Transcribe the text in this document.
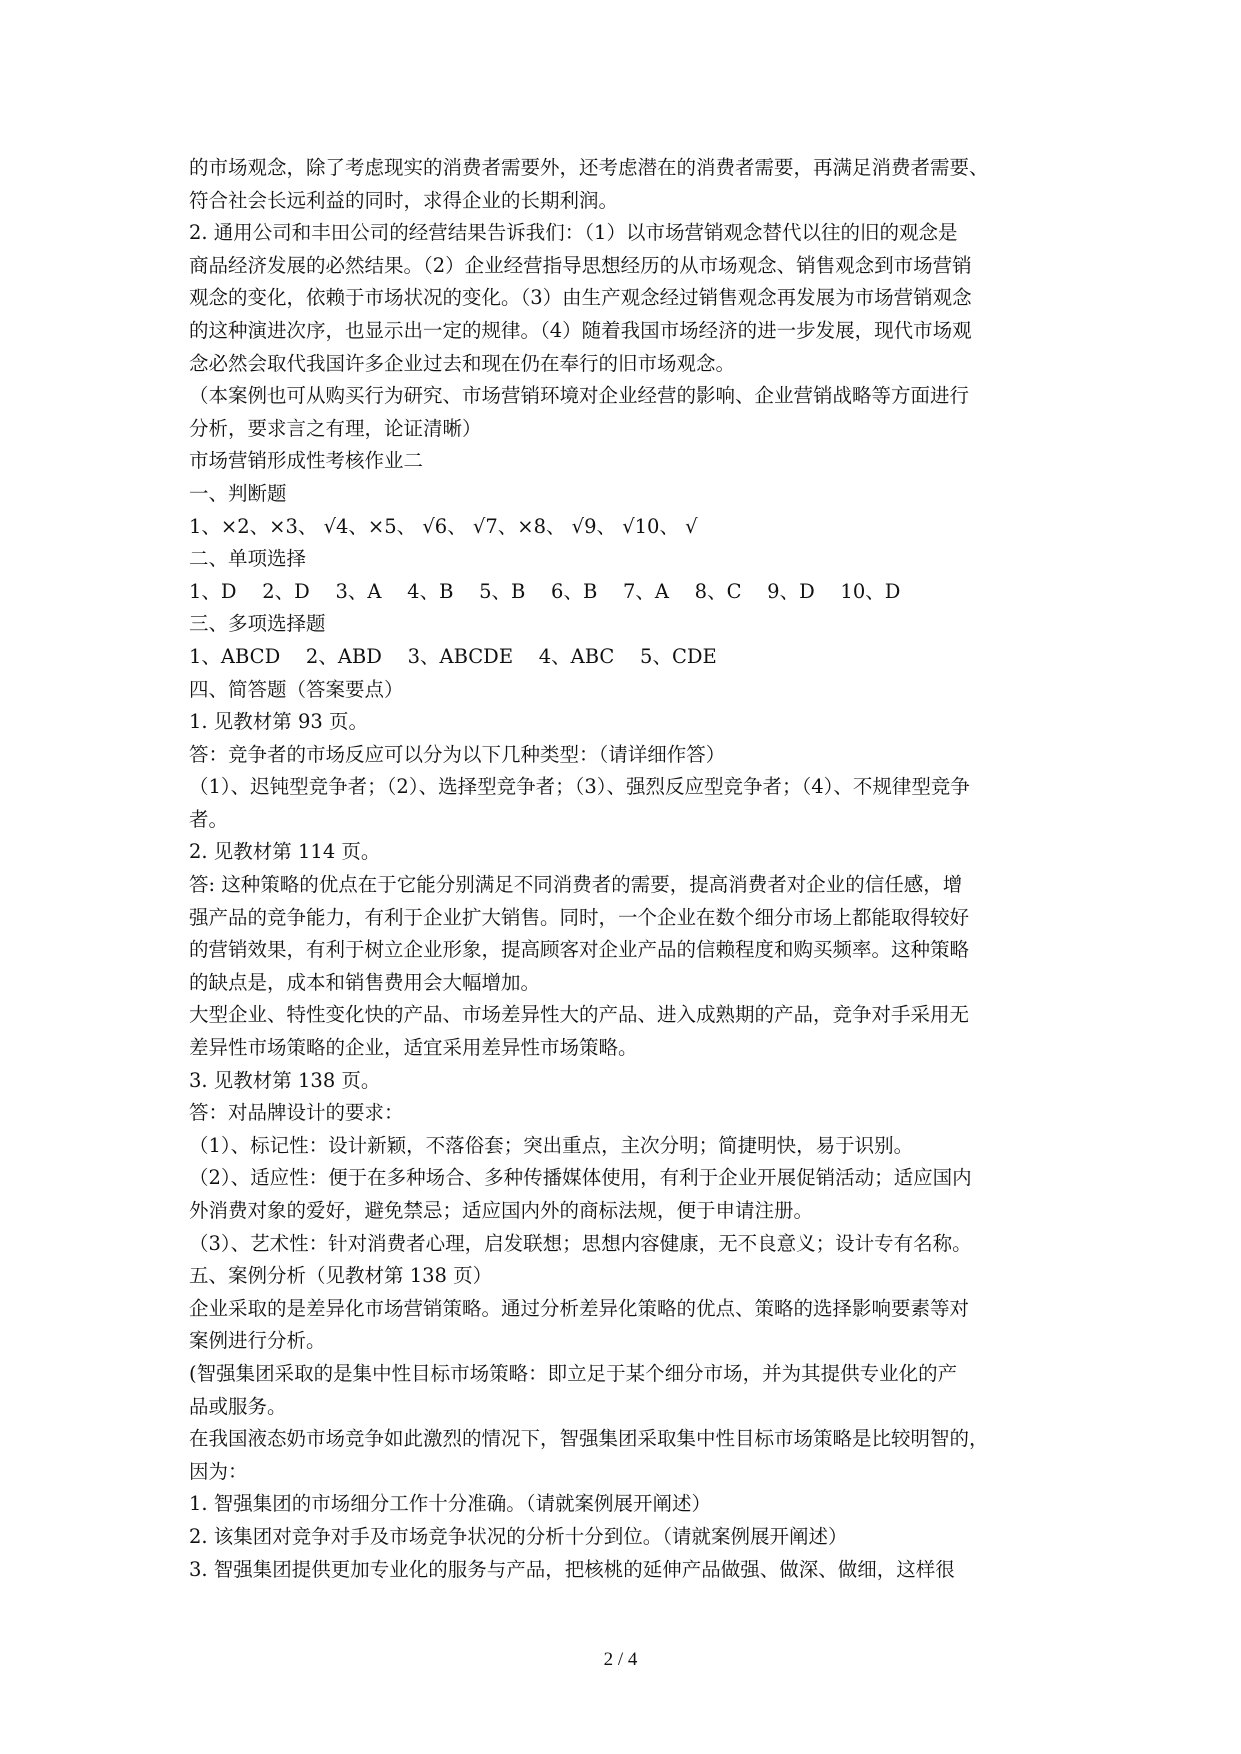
的市场观念，除了考虑现实的消费者需要外，还考虑潜在的消费者需要，再满足消费者需要、

符合社会长远利益的同时，求得企业的长期利润。

2. 通用公司和丰田公司的经营结果告诉我们：（1）以市场营销观念替代以往的旧的观念是

商品经济发展的必然结果。（2）企业经营指导思想经历的从市场观念、销售观念到市场营销

观念的变化，依赖于市场状况的变化。（3）由生产观念经过销售观念再发展为市场营销观念

的这种演进次序，也显示出一定的规律。（4）随着我国市场经济的进一步发展，现代市场观

念必然会取代我国许多企业过去和现在仍在奉行的旧市场观念。

（本案例也可从购买行为研究、市场营销环境对企业经营的影响、企业营销战略等方面进行

分析，要求言之有理，论证清晰）

市场营销形成性考核作业二

一、判断题

1、×2、×3、 √4、×5、 √6、 √7、×8、 √9、 √10、 √

二、单项选择

1、D　 2、D　 3、A　 4、B　 5、B　 6、B　 7、A　 8、C　 9、D　 10、D

三、多项选择题

1、ABCD　 2、ABD　 3、ABCDE　 4、ABC　 5、CDE

四、简答题（答案要点）

1. 见教材第 93 页。

答：竞争者的市场反应可以分为以下几种类型：（请详细作答）

（1）、迟钝型竞争者；（2）、选择型竞争者；（3）、强烈反应型竞争者；（4）、不规律型竞争

者。

2. 见教材第 114 页。

答: 这种策略的优点在于它能分别满足不同消费者的需要，提高消费者对企业的信任感，增

强产品的竞争能力，有利于企业扩大销售。同时，一个企业在数个细分市场上都能取得较好

的营销效果，有利于树立企业形象，提高顾客对企业产品的信赖程度和购买频率。这种策略

的缺点是，成本和销售费用会大幅增加。

大型企业、特性变化快的产品、市场差异性大的产品、进入成熟期的产品，竞争对手采用无

差异性市场策略的企业，适宜采用差异性市场策略。

3. 见教材第 138 页。

答：对品牌设计的要求：

（1）、标记性：设计新颖，不落俗套；突出重点，主次分明；简捷明快，易于识别。

（2）、适应性：便于在多种场合、多种传播媒体使用，有利于企业开展促销活动；适应国内

外消费对象的爱好，避免禁忌；适应国内外的商标法规，便于申请注册。

（3）、艺术性：针对消费者心理，启发联想；思想内容健康，无不良意义；设计专有名称。

五、案例分析（见教材第 138 页）

企业采取的是差异化市场营销策略。通过分析差异化策略的优点、策略的选择影响要素等对

案例进行分析。

(智强集团采取的是集中性目标市场策略：即立足于某个细分市场，并为其提供专业化的产

品或服务。

在我国液态奶市场竞争如此激烈的情况下，智强集团采取集中性目标市场策略是比较明智的，

因为：

1. 智强集团的市场细分工作十分准确。（请就案例展开阐述）

2. 该集团对竞争对手及市场竞争状况的分析十分到位。（请就案例展开阐述）

3. 智强集团提供更加专业化的服务与产品，把核桃的延伸产品做强、做深、做细，这样很

2 / 4
